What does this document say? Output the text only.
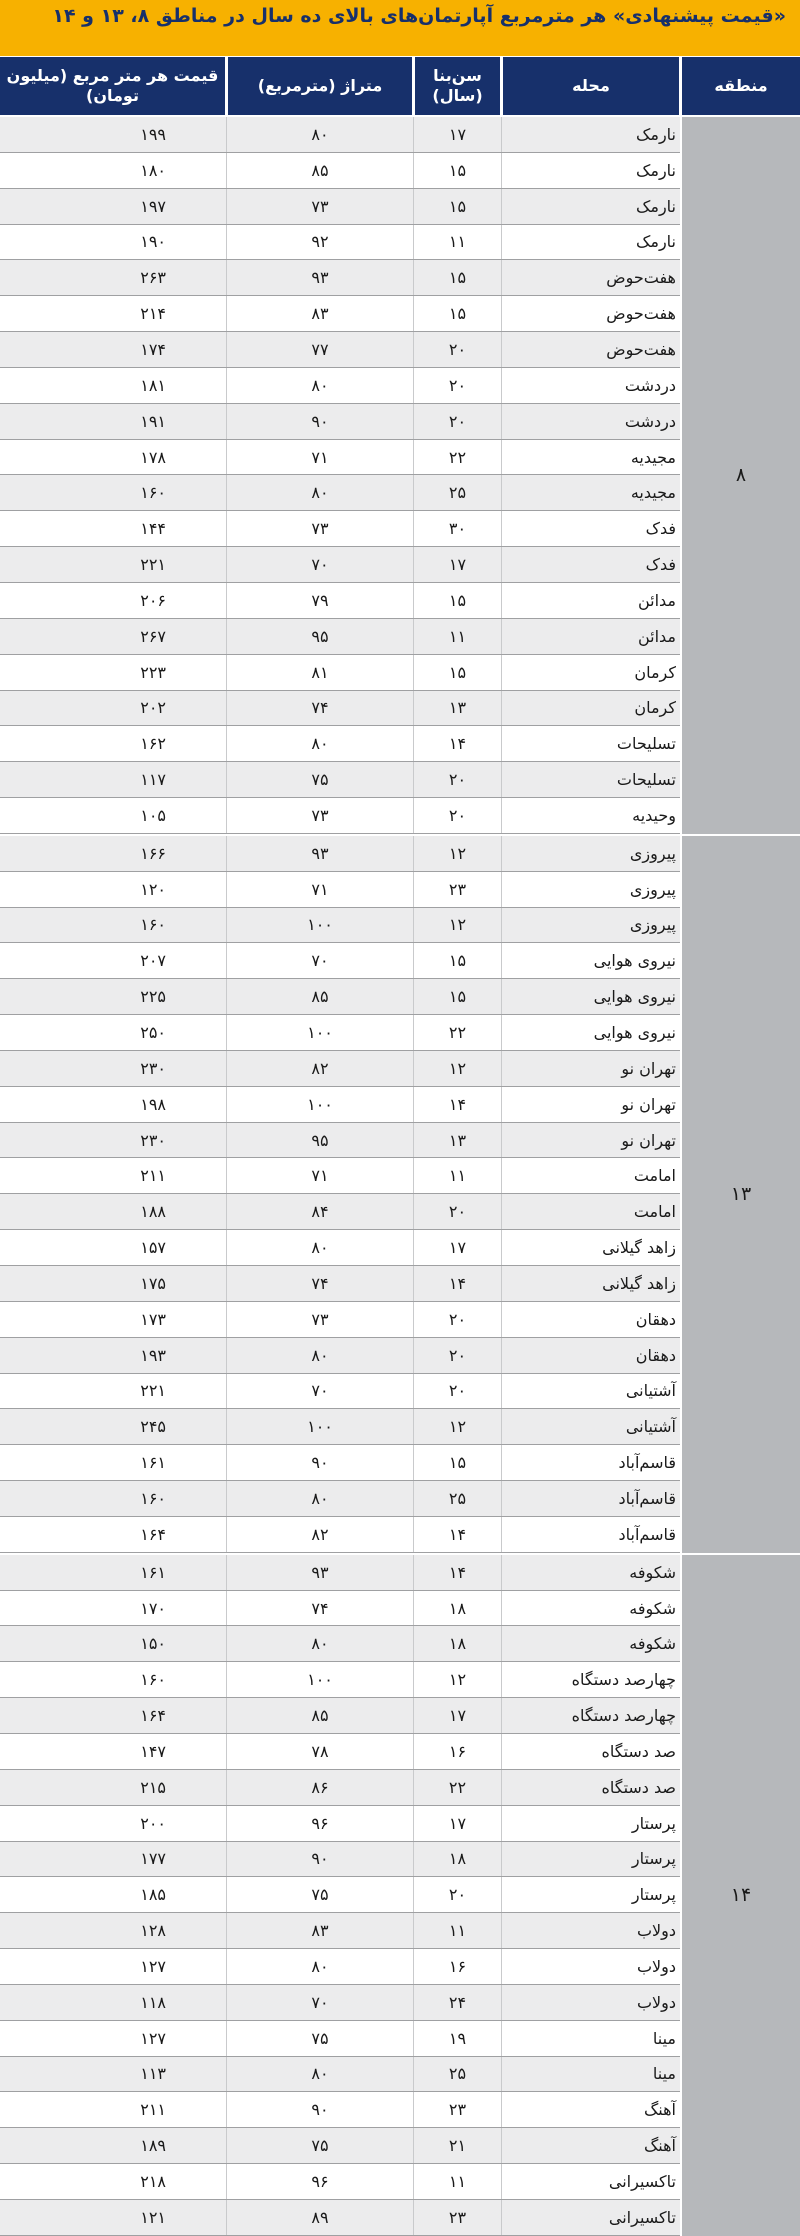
«قیمت پیشنهادی» هر مترمربع آپارتمان‌های بالای ده سال در مناطق ۸، ۱۳ و ۱۴
منطقه
محله
سن‌بنا (سال)
متراژ (مترمربع)
قیمت هر متر مربع (میلیون تومان)
۸
نارمک
۱۷
۸۰
۱۹۹
نارمک
۱۵
۸۵
۱۸۰
نارمک
۱۵
۷۳
۱۹۷
نارمک
۱۱
۹۲
۱۹۰
هفت‌حوض
۱۵
۹۳
۲۶۳
هفت‌حوض
۱۵
۸۳
۲۱۴
هفت‌حوض
۲۰
۷۷
۱۷۴
دردشت
۲۰
۸۰
۱۸۱
دردشت
۲۰
۹۰
۱۹۱
مجیدیه
۲۲
۷۱
۱۷۸
مجیدیه
۲۵
۸۰
۱۶۰
فدک
۳۰
۷۳
۱۴۴
فدک
۱۷
۷۰
۲۲۱
مدائن
۱۵
۷۹
۲۰۶
مدائن
۱۱
۹۵
۲۶۷
کرمان
۱۵
۸۱
۲۲۳
کرمان
۱۳
۷۴
۲۰۲
تسلیحات
۱۴
۸۰
۱۶۲
تسلیحات
۲۰
۷۵
۱۱۷
وحیدیه
۲۰
۷۳
۱۰۵
۱۳
پیروزی
۱۲
۹۳
۱۶۶
پیروزی
۲۳
۷۱
۱۲۰
پیروزی
۱۲
۱۰۰
۱۶۰
نیروی هوایی
۱۵
۷۰
۲۰۷
نیروی هوایی
۱۵
۸۵
۲۲۵
نیروی هوایی
۲۲
۱۰۰
۲۵۰
تهران نو
۱۲
۸۲
۲۳۰
تهران نو
۱۴
۱۰۰
۱۹۸
تهران نو
۱۳
۹۵
۲۳۰
امامت
۱۱
۷۱
۲۱۱
امامت
۲۰
۸۴
۱۸۸
زاهد گیلانی
۱۷
۸۰
۱۵۷
زاهد گیلانی
۱۴
۷۴
۱۷۵
دهقان
۲۰
۷۳
۱۷۳
دهقان
۲۰
۸۰
۱۹۳
آشتیانی
۲۰
۷۰
۲۲۱
آشتیانی
۱۲
۱۰۰
۲۴۵
قاسم‌آباد
۱۵
۹۰
۱۶۱
قاسم‌آباد
۲۵
۸۰
۱۶۰
قاسم‌آباد
۱۴
۸۲
۱۶۴
۱۴
شکوفه
۱۴
۹۳
۱۶۱
شکوفه
۱۸
۷۴
۱۷۰
شکوفه
۱۸
۸۰
۱۵۰
چهارصد دستگاه
۱۲
۱۰۰
۱۶۰
چهارصد دستگاه
۱۷
۸۵
۱۶۴
صد دستگاه
۱۶
۷۸
۱۴۷
صد دستگاه
۲۲
۸۶
۲۱۵
پرستار
۱۷
۹۶
۲۰۰
پرستار
۱۸
۹۰
۱۷۷
پرستار
۲۰
۷۵
۱۸۵
دولاب
۱۱
۸۳
۱۲۸
دولاب
۱۶
۸۰
۱۲۷
دولاب
۲۴
۷۰
۱۱۸
مینا
۱۹
۷۵
۱۲۷
مینا
۲۵
۸۰
۱۱۳
آهنگ
۲۳
۹۰
۲۱۱
آهنگ
۲۱
۷۵
۱۸۹
تاکسیرانی
۱۱
۹۶
۲۱۸
تاکسیرانی
۲۳
۸۹
۱۲۱
